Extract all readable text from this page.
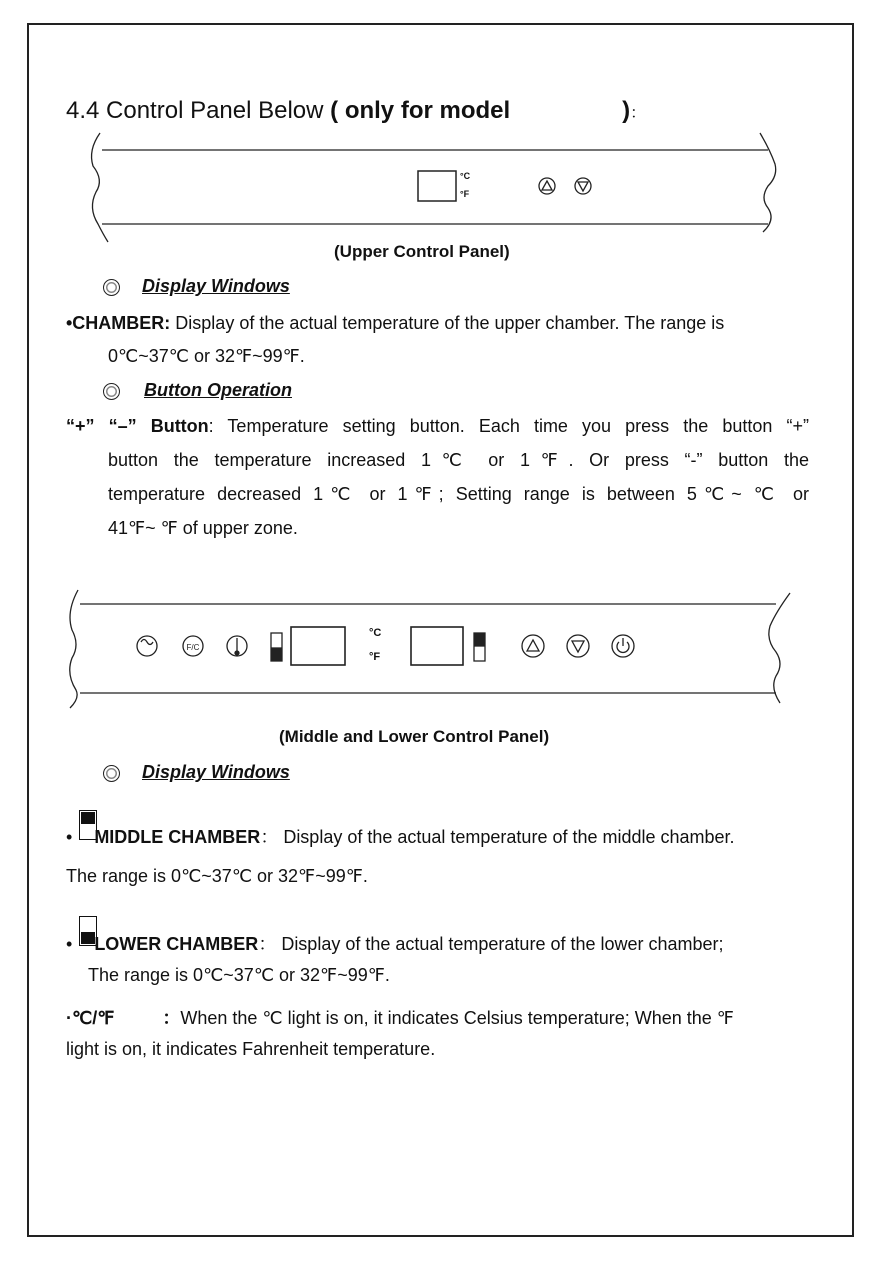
4.4 Control Panel Below ( only for model	)：
°C
°F
(Upper Control Panel)
Display Windows
•CHAMBER: Display of the actual temperature of the upper chamber. The range is
0℃~37℃ or 32℉~99℉.
Button Operation
“+” “–” Button: Temperature setting button. Each time you press the button “+”
button the temperature increased 1℃ or 1℉. Or press “-” button the
temperature decreased 1℃ or 1℉; Setting range is between 5℃~ ℃ or
41℉~ ℉ of upper zone.
F/C
°C
°F
(Middle and Lower Control Panel)
Display Windows
• MIDDLE CHAMBER： Display of the actual temperature of the middle chamber.
The range is 0℃~37℃ or 32℉~99℉.
• LOWER CHAMBER： Display of the actual temperature of the lower chamber;
The range is 0℃~37℃ or 32℉~99℉.
·℃/℉	：When the ℃ light is on, it indicates Celsius temperature; When the ℉
light is on, it indicates Fahrenheit temperature.
